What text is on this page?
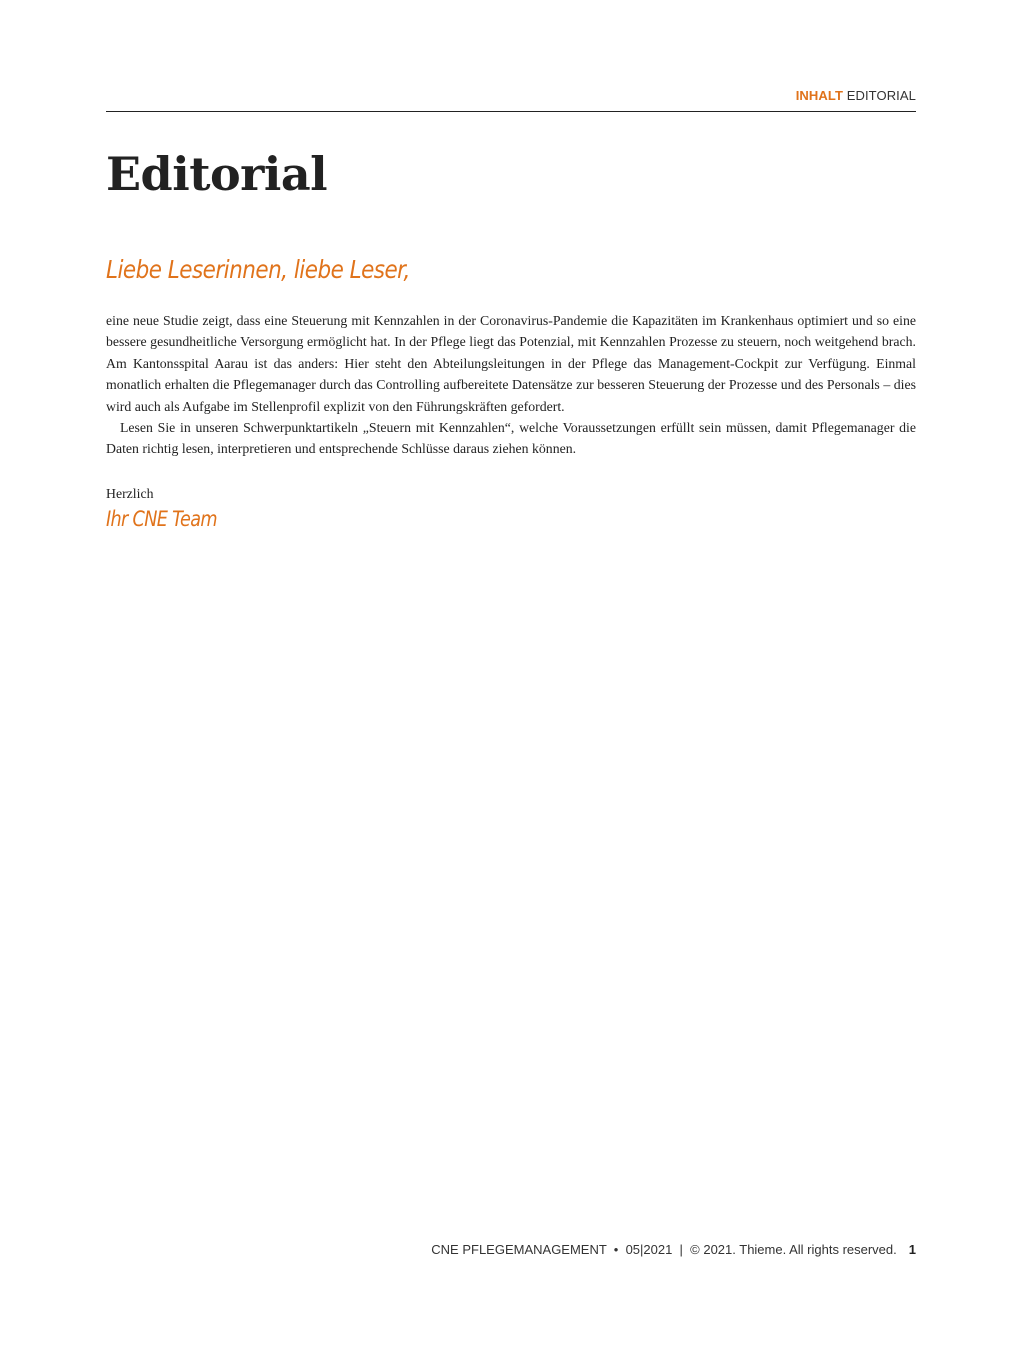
INHALT EDITORIAL
Editorial
Liebe Leserinnen, liebe Leser,

eine neue Studie zeigt, dass eine Steuerung mit Kennzahlen in der Coronavirus-Pandemie die Kapazitäten im Krankenhaus optimiert und so eine bessere gesundheitliche Versorgung ermöglicht hat. In der Pflege liegt das Potenzial, mit Kennzahlen Prozesse zu steuern, noch weitgehend brach. Am Kantonsspital Aarau ist das anders: Hier steht den Abteilungsleitungen in der Pflege das Management-Cockpit zur Verfügung. Einmal monatlich erhalten die Pflegemanager durch das Controlling aufbereitete Datensätze zur besseren Steuerung der Prozesse und des Personals – dies wird auch als Aufgabe im Stellenprofil explizit von den Führungskräften gefordert.

Lesen Sie in unseren Schwerpunktartikeln „Steuern mit Kennzahlen“, welche Voraussetzungen erfüllt sein müssen, damit Pflegemanager die Daten richtig lesen, interpretieren und entsprechende Schlüsse daraus ziehen können.

Herzlich
Ihr CNE Team
CNE PFLEGEMANAGEMENT  •  05|2021  |  © 2021. Thieme. All rights reserved. 1
